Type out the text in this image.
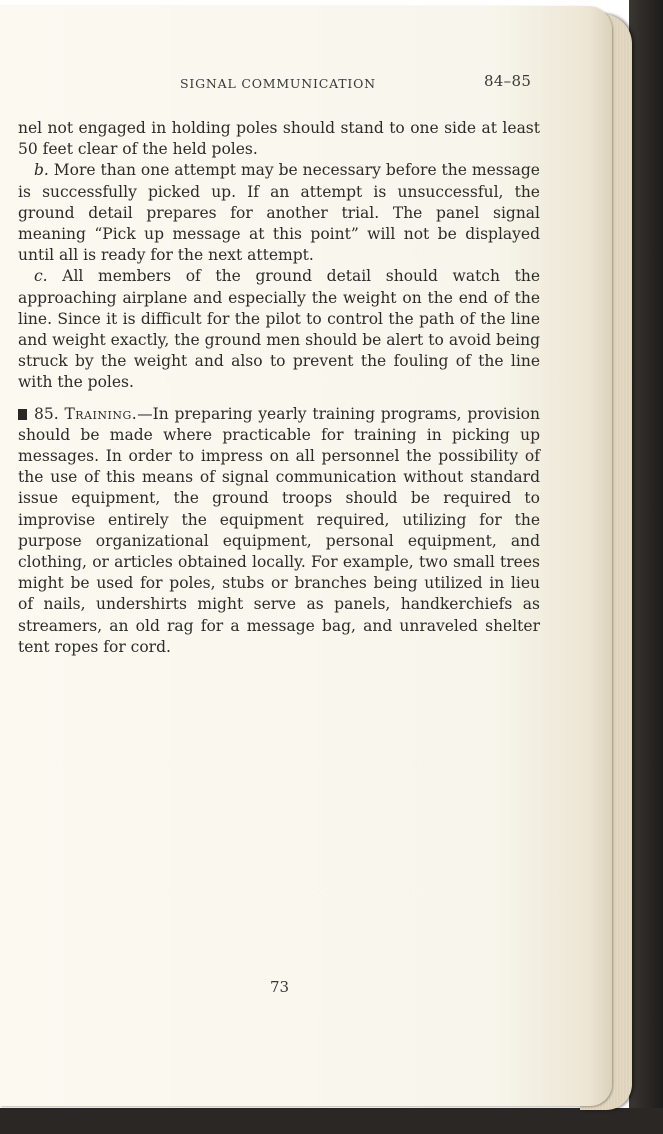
SIGNAL COMMUNICATION	84–85

nel not engaged in holding poles should stand to one side at least 50 feet clear of the held poles.

b. More than one attempt may be necessary before the message is successfully picked up. If an attempt is unsuccessful, the ground detail prepares for another trial. The panel signal meaning “Pick up message at this point” will not be displayed until all is ready for the next attempt.

c. All members of the ground detail should watch the approaching airplane and especially the weight on the end of the line. Since it is difficult for the pilot to control the path of the line and weight exactly, the ground men should be alert to avoid being struck by the weight and also to prevent the fouling of the line with the poles.

85. Training.—In preparing yearly training programs, provision should be made where practicable for training in picking up messages. In order to impress on all personnel the possibility of the use of this means of signal communication without standard issue equipment, the ground troops should be required to improvise entirely the equipment required, utilizing for the purpose organizational equipment, personal equipment, and clothing, or articles obtained locally. For example, two small trees might be used for poles, stubs or branches being utilized in lieu of nails, undershirts might serve as panels, handkerchiefs as streamers, an old rag for a message bag, and unraveled shelter tent ropes for cord.

73
